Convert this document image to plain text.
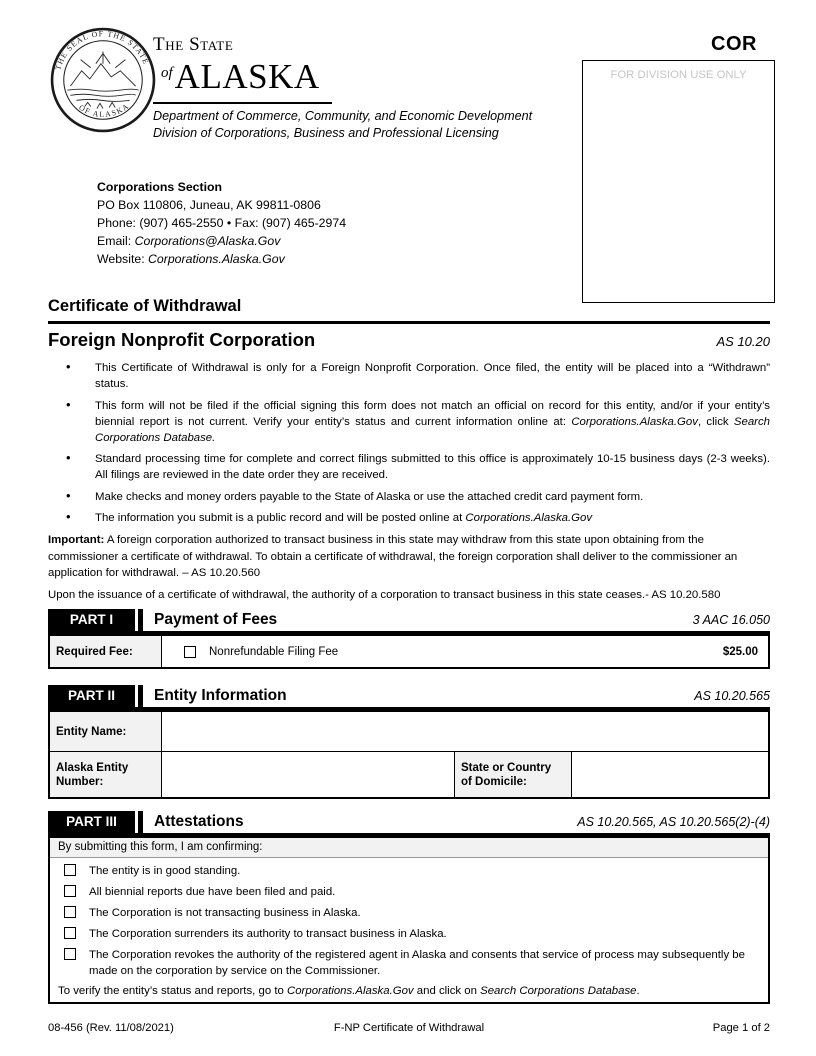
THE SEAL OF THE STATE
OF ALASKA
The State
ofALASKA
Department of Commerce, Community, and Economic Development
Division of Corporations, Business and Professional Licensing
COR
FOR DIVISION USE ONLY
Corporations Section
PO Box 110806, Juneau, AK 99811-0806
Phone: (907) 465-2550 • Fax: (907) 465-2974
Email: Corporations@Alaska.Gov
Website: Corporations.Alaska.Gov
Certificate of Withdrawal
Foreign Nonprofit Corporation	AS 10.20
• This Certificate of Withdrawal is only for a Foreign Nonprofit Corporation. Once filed, the entity will be placed into a “Withdrawn” status.
• This form will not be filed if the official signing this form does not match an official on record for this entity, and/or if your entity’s biennial report is not current. Verify your entity’s status and current information online at: Corporations.Alaska.Gov, click Search Corporations Database.
• Standard processing time for complete and correct filings submitted to this office is approximately 10-15 business days (2-3 weeks). All filings are reviewed in the date order they are received.
• Make checks and money orders payable to the State of Alaska or use the attached credit card payment form.
• The information you submit is a public record and will be posted online at Corporations.Alaska.Gov

Important: A foreign corporation authorized to transact business in this state may withdraw from this state upon obtaining from the commissioner a certificate of withdrawal. To obtain a certificate of withdrawal, the foreign corporation shall deliver to the commissioner an application for withdrawal. – AS 10.20.560

Upon the issuance of a certificate of withdrawal, the authority of a corporation to transact business in this state ceases.- AS 10.20.580

PART I	Payment of Fees	3 AAC 16.050
Required Fee:	Nonrefundable Filing Fee	$25.00
PART II	Entity Information	AS 10.20.565
Entity Name:
Alaska Entity Number:
State or Country of Domicile:
PART III	Attestations	AS 10.20.565, AS 10.20.565(2)-(4)
By submitting this form, I am confirming:
The entity is in good standing.
All biennial reports due have been filed and paid.
The Corporation is not transacting business in Alaska.
The Corporation surrenders its authority to transact business in Alaska.
The Corporation revokes the authority of the registered agent in Alaska and consents that service of process may subsequently be made on the corporation by service on the Commissioner.
To verify the entity’s status and reports, go to Corporations.Alaska.Gov and click on Search Corporations Database.
08-456 (Rev. 11/08/2021)	F-NP Certificate of Withdrawal	Page 1 of 2
